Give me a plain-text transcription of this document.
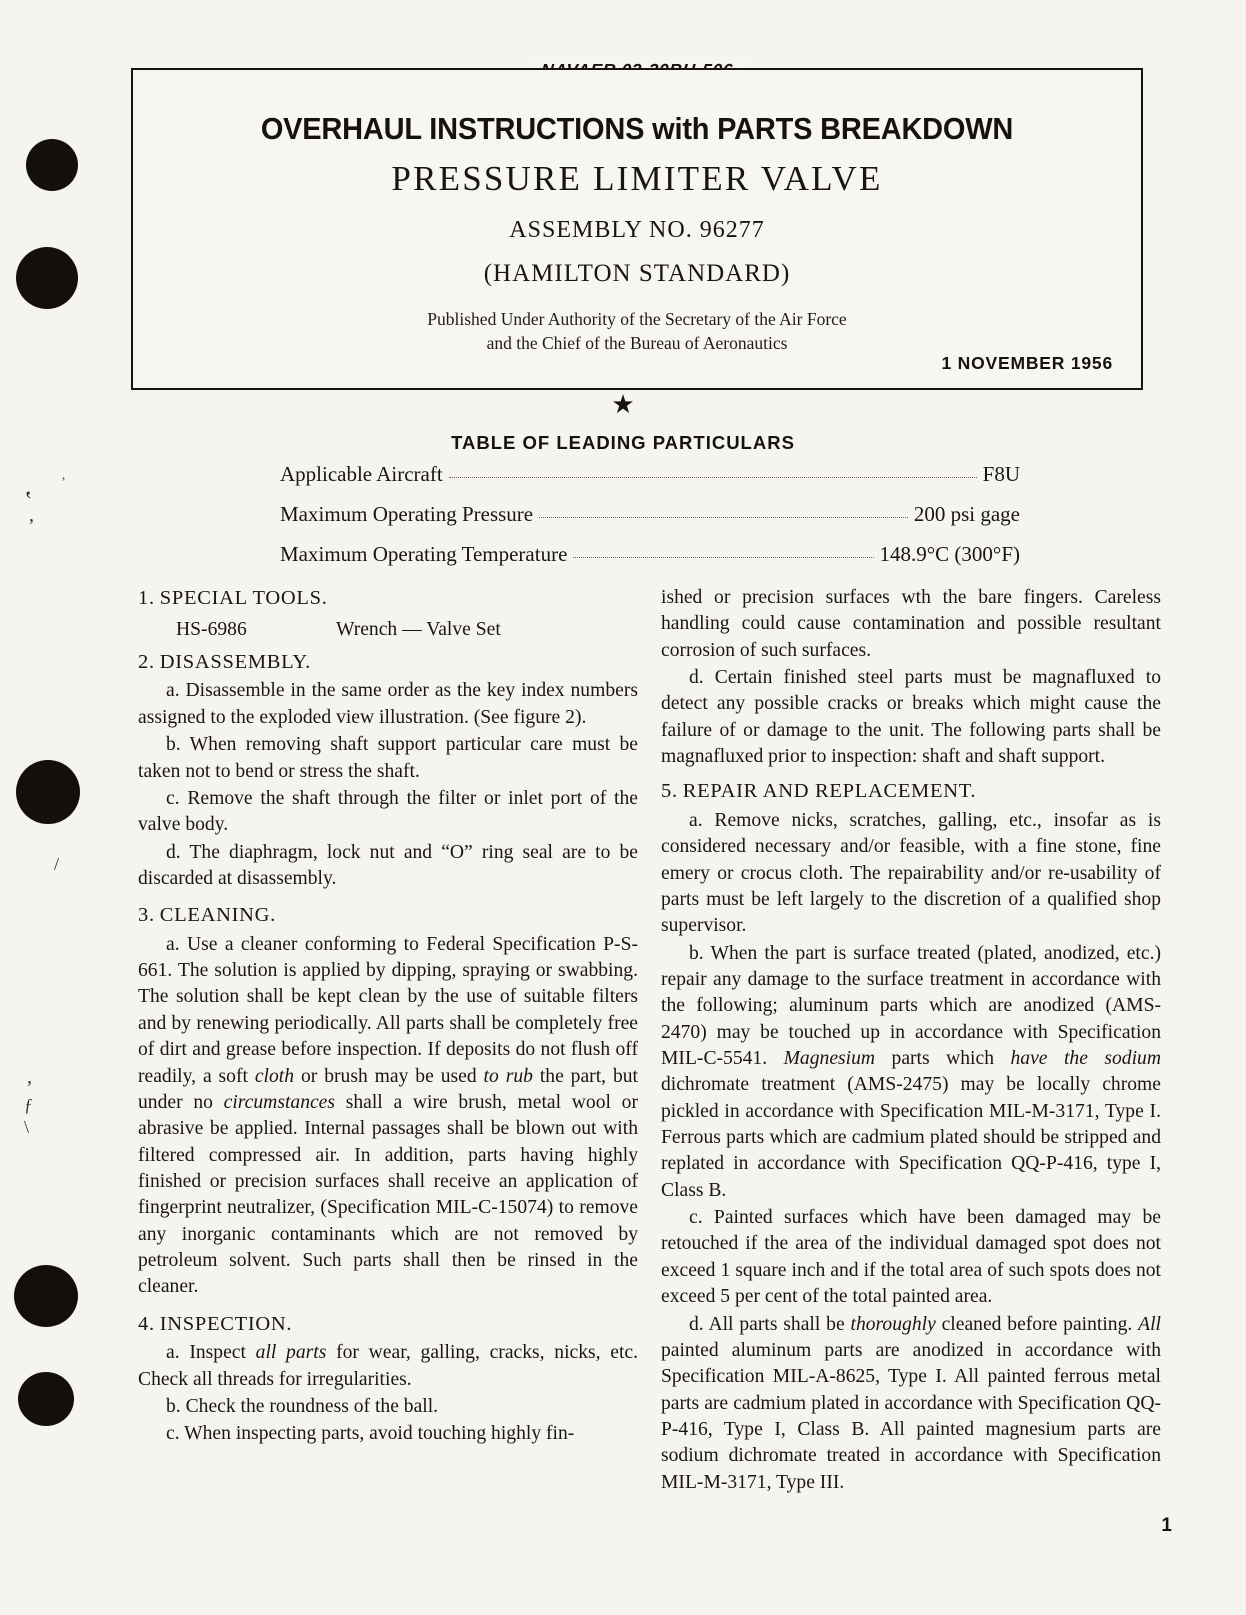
,
‛
’
/
’
ƒ
\
OVERHAUL INSTRUCTIONS with PARTS BREAKDOWN
PRESSURE LIMITER VALVE
ASSEMBLY NO. 96277
(HAMILTON STANDARD)
Published Under Authority of the Secretary of the Air Force
and the Chief of the Bureau of Aeronautics
1 NOVEMBER 1956
★
TABLE OF LEADING PARTICULARS
Applicable Aircraft	F8U
Maximum Operating Pressure	200 psi gage
Maximum Operating Temperature	148.9°C (300°F)

1. SPECIAL TOOLS.

HS-6986	Wrench — Valve Set

2. DISASSEMBLY.

a. Disassemble in the same order as the key index numbers assigned to the exploded view illustration. (See figure 2).

b. When removing shaft support particular care must be taken not to bend or stress the shaft.

c. Remove the shaft through the filter or inlet port of the valve body.

d. The diaphragm, lock nut and “O” ring seal are to be discarded at disassembly.

3. CLEANING.

a. Use a cleaner conforming to Federal Specification P-S-661. The solution is applied by dipping, spraying or swabbing. The solution shall be kept clean by the use of suitable filters and by renewing periodically. All parts shall be completely free of dirt and grease before inspection. If deposits do not flush off readily, a soft cloth or brush may be used to rub the part, but under no circumstances shall a wire brush, metal wool or abrasive be applied. Internal passages shall be blown out with filtered compressed air. In addition, parts having highly finished or precision surfaces shall receive an application of fingerprint neutralizer, (Specification MIL-C-15074) to remove any inorganic contaminants which are not removed by petroleum solvent. Such parts shall then be rinsed in the cleaner.

4. INSPECTION.

a. Inspect all parts for wear, galling, cracks, nicks, etc. Check all threads for irregularities.

b. Check the roundness of the ball.

c. When inspecting parts, avoid touching highly fin-

ished or precision surfaces wth the bare fingers. Careless handling could cause contamination and possible resultant corrosion of such surfaces.

d. Certain finished steel parts must be magnafluxed to detect any possible cracks or breaks which might cause the failure of or damage to the unit. The following parts shall be magnafluxed prior to inspection: shaft and shaft support.

5. REPAIR AND REPLACEMENT.

a. Remove nicks, scratches, galling, etc., insofar as is considered necessary and/or feasible, with a fine stone, fine emery or crocus cloth. The repairability and/or re-usability of parts must be left largely to the discretion of a qualified shop supervisor.

b. When the part is surface treated (plated, anodized, etc.) repair any damage to the surface treatment in accordance with the following; aluminum parts which are anodized (AMS-2470) may be touched up in accordance with Specification MIL-C-5541. Magnesium parts which have the sodium dichromate treatment (AMS-2475) may be locally chrome pickled in accordance with Specification MIL-M-3171, Type I. Ferrous parts which are cadmium plated should be stripped and replated in accordance with Specification QQ-P-416, type I, Class B.

c. Painted surfaces which have been damaged may be retouched if the area of the individual damaged spot does not exceed 1 square inch and if the total area of such spots does not exceed 5 per cent of the total painted area.

d. All parts shall be thoroughly cleaned before painting. All painted aluminum parts are anodized in accordance with Specification MIL-A-8625, Type I. All painted ferrous metal parts are cadmium plated in accordance with Specification QQ-P-416, Type I, Class B. All painted magnesium parts are sodium dichromate treated in accordance with Specification MIL-M-3171, Type III.

1
